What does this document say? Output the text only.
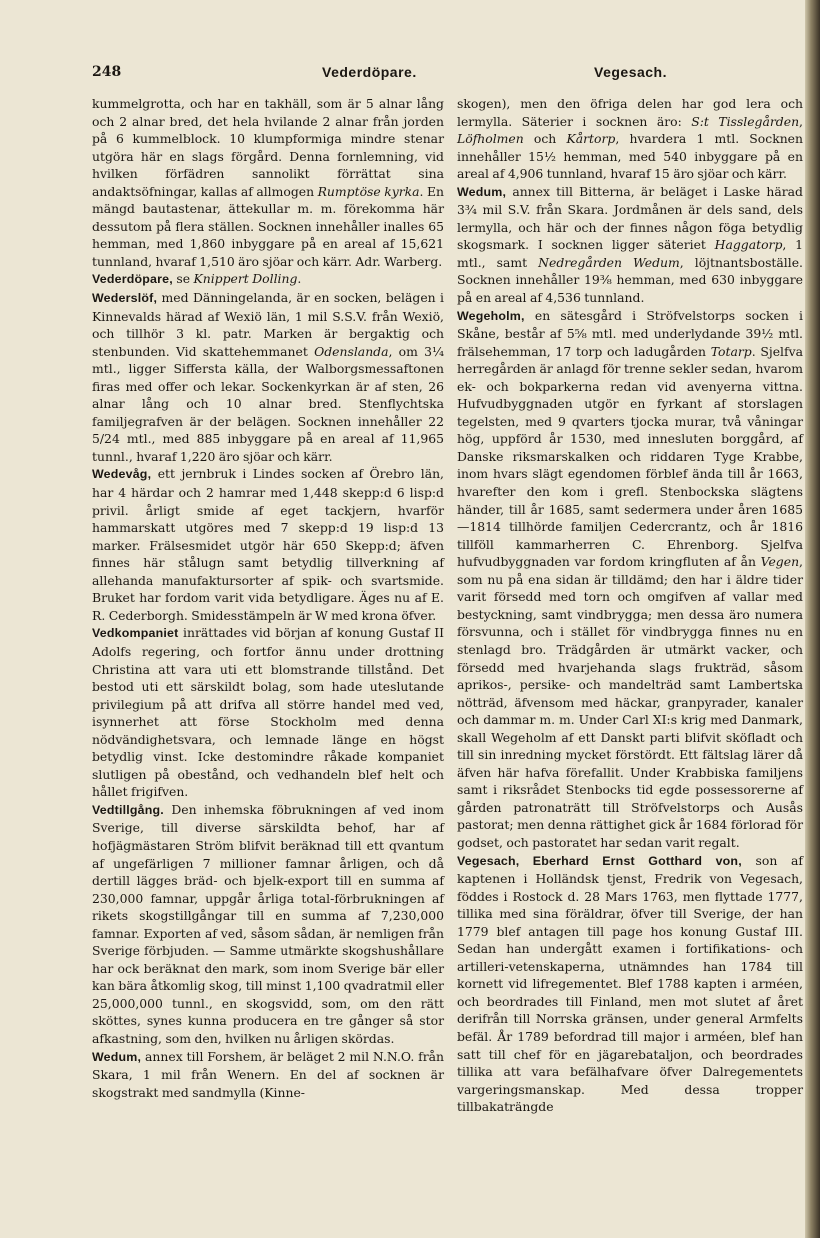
248	Vederdöpare.	Vegesach.

kummelgrotta, och har en takhäll, som är 5 alnar lång och 2 alnar bred, det hela hvilande 2 alnar från jorden på 6 kummelblock. 10 klumpformiga mindre stenar utgöra här en slags förgård. Denna fornlemning, vid hvilken förfädren sannolikt förrättat sina andaktsöfningar, kallas af allmogen Rumptöse kyrka. En mängd bautastenar, ättekullar m. m. förekomma här dessutom på flera ställen. Socknen innehåller inalles 65 hemman, med 1,860 inbyggare på en areal af 15,621 tunnland, hvaraf 1,510 äro sjöar och kärr. Adr. Warberg.

Vederdöpare, se Knippert Dolling.

Wederslöf, med Dänningelanda, är en socken, belägen i Kinnevalds härad af Wexiö län, 1 mil S.S.V. från Wexiö, och tillhör 3 kl. patr. Marken är bergaktig och stenbunden. Vid skattehemmanet Odenslanda, om 3¼ mtl., ligger Siffersta källa, der Walborgsmessaftonen firas med offer och lekar. Sockenkyrkan är af sten, 26 alnar lång och 10 alnar bred. Stenflychtska familjegrafven är der belägen. Socknen innehåller 22 5/24 mtl., med 885 inbyggare på en areal af 11,965 tunnl., hvaraf 1,220 äro sjöar och kärr.

Wedevåg, ett jernbruk i Lindes socken af Örebro län, har 4 härdar och 2 hamrar med 1,448 skepp:d 6 lisp:d privil. årligt smide af eget tackjern, hvarför hammarskatt utgöres med 7 skepp:d 19 lisp:d 13 marker. Frälsesmidet utgör här 650 Skepp:d; äfven finnes här stålugn samt betydlig tillverkning af allehanda manufaktursorter af spik- och svartsmide. Bruket har fordom varit vida betydligare. Äges nu af E. R. Cederborgh. Smidesstämpeln är W med krona öfver.

Vedkompaniet inrättades vid början af konung Gustaf II Adolfs regering, och fortfor ännu under drottning Christina att vara uti ett blomstrande tillstånd. Det bestod uti ett särskildt bolag, som hade uteslutande privilegium på att drifva all större handel med ved, isynnerhet att förse Stockholm med denna nödvändighetsvara, och lemnade länge en högst betydlig vinst. Icke destomindre råkade kompaniet slutligen på obestånd, och vedhandeln blef helt och hållet frigifven.

Vedtillgång. Den inhemska föbrukningen af ved inom Sverige, till diverse särskildta behof, har af hofjägmästaren Ström blifvit beräknad till ett qvantum af ungefärligen 7 millioner famnar årligen, och då dertill lägges bräd- och bjelk-export till en summa af 230,000 famnar, uppgår årliga total-förbrukningen af rikets skogstillgångar till en summa af 7,230,000 famnar. Exporten af ved, såsom sådan, är nemligen från Sverige förbjuden. — Samme utmärkte skogshushållare har ock beräknat den mark, som inom Sverige bär eller kan bära åtkomlig skog, till minst 1,100 qvadratmil eller 25,000,000 tunnl., en skogsvidd, som, om den rätt sköttes, synes kunna producera en tre gånger så stor afkastning, som den, hvilken nu årligen skördas.

Wedum, annex till Forshem, är beläget 2 mil N.N.O. från Skara, 1 mil från Wenern. En del af socknen är skogstrakt med sandmylla (Kinne-

skogen), men den öfriga delen har god lera och lermylla. Säterier i socknen äro: S:t Tisslegården, Löfholmen och Kårtorp, hvardera 1 mtl. Socknen innehåller 15½ hemman, med 540 inbyggare på en areal af 4,906 tunnland, hvaraf 15 äro sjöar och kärr.

Wedum, annex till Bitterna, är beläget i Laske härad 3¾ mil S.V. från Skara. Jordmånen är dels sand, dels lermylla, och här och der finnes någon föga betydlig skogsmark. I socknen ligger säteriet Haggatorp, 1 mtl., samt Nedregården Wedum, löjtnantsboställe. Socknen innehåller 19⅜ hemman, med 630 inbyggare på en areal af 4,536 tunnland.

Wegeholm, en sätesgård i Ströfvelstorps socken i Skåne, består af 5⅝ mtl. med underlydande 39½ mtl. frälsehemman, 17 torp och ladugården Totarp. Sjelfva herregården är anlagd för trenne sekler sedan, hvarom ek- och bokparkerna redan vid avenyerna vittna. Hufvudbyggnaden utgör en fyrkant af storslagen tegelsten, med 9 qvarters tjocka murar, två våningar hög, uppförd år 1530, med innesluten borggård, af Danske riksmarskalken och riddaren Tyge Krabbe, inom hvars slägt egendomen förblef ända till år 1663, hvarefter den kom i grefl. Stenbockska slägtens händer, till år 1685, samt sedermera under åren 1685—1814 tillhörde familjen Cedercrantz, och år 1816 tillföll kammarherren C. Ehrenborg. Sjelfva hufvudbyggnaden var fordom kringfluten af ån Vegen, som nu på ena sidan är tilldämd; den har i äldre tider varit försedd med torn och omgifven af vallar med bestyckning, samt vindbrygga; men dessa äro numera försvunna, och i stället för vindbrygga finnes nu en stenlagd bro. Trädgården är utmärkt vacker, och försedd med hvarjehanda slags frukträd, såsom aprikos-, persike- och mandelträd samt Lambertska nötträd, äfvensom med häckar, granpyrader, kanaler och dammar m. m. Under Carl XI:s krig med Danmark, skall Wegeholm af ett Danskt parti blifvit sköfladt och till sin inredning mycket förstördt. Ett fältslag lärer då äfven här hafva förefallit. Under Krabbiska familjens samt i riksrådet Stenbocks tid egde possessorerne af gården patronaträtt till Ströfvelstorps och Ausås pastorat; men denna rättighet gick år 1684 förlorad för godset, och pastoratet har sedan varit regalt.

Vegesach, Eberhard Ernst Gotthard von, son af kaptenen i Holländsk tjenst, Fredrik von Vegesach, föddes i Rostock d. 28 Mars 1763, men flyttade 1777, tillika med sina föräldrar, öfver till Sverige, der han 1779 blef antagen till page hos konung Gustaf III. Sedan han undergått examen i fortifikations- och artilleri-vetenskaperna, utnämndes han 1784 till kornett vid lifregementet. Blef 1788 kapten i arméen, och beordrades till Finland, men mot slutet af året derifrån till Norrska gränsen, under general Armfelts befäl. År 1789 befordrad till major i arméen, blef han satt till chef för en jägarebataljon, och beordrades tillika att vara befälhafvare öfver Dalregementets vargeringsmanskap. Med dessa tropper tillbakaträngde
